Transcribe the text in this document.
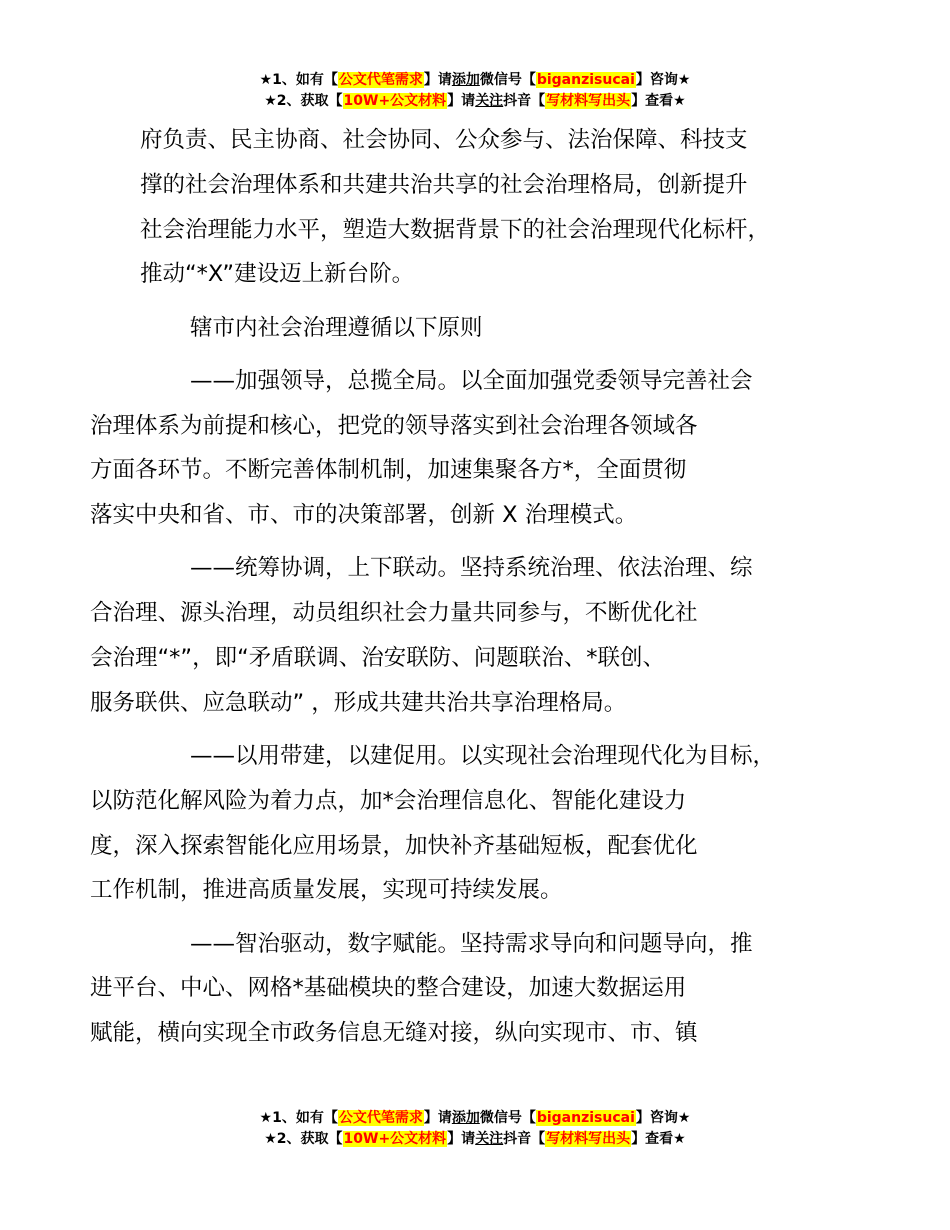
★1、如有【公文代笔需求】请添加微信号【biganzisucai】咨询★
★2、获取【10W+公文材料】请关注抖音【写材料写出头】查看★

府负责、民主协商、社会协同、公众参与、法治保障、科技支
撑的社会治理体系和共建共治共享的社会治理格局，创新提升
社会治理能力水平，塑造大数据背景下的社会治理现代化标杆，
推动“*X”建设迈上新台阶。

辖市内社会治理遵循以下原则

——加强领导，总揽全局。以全面加强党委领导完善社会
治理体系为前提和核心，把党的领导落实到社会治理各领域各
方面各环节。不断完善体制机制，加速集聚各方*，全面贯彻
落实中央和省、市、市的决策部署，创新 X 治理模式。

——统筹协调，上下联动。坚持系统治理、依法治理、综
合治理、源头治理，动员组织社会力量共同参与，不断优化社
会治理“*”，即“矛盾联调、治安联防、问题联治、*联创、
服务联供、应急联动” ，形成共建共治共享治理格局。

——以用带建，以建促用。以实现社会治理现代化为目标，
以防范化解风险为着力点，加*会治理信息化、智能化建设力
度，深入探索智能化应用场景，加快补齐基础短板，配套优化
工作机制，推进高质量发展，实现可持续发展。

——智治驱动，数字赋能。坚持需求导向和问题导向，推
进平台、中心、网格*基础模块的整合建设，加速大数据运用
赋能，横向实现全市政务信息无缝对接，纵向实现市、市、镇

★1、如有【公文代笔需求】请添加微信号【biganzisucai】咨询★
★2、获取【10W+公文材料】请关注抖音【写材料写出头】查看★
